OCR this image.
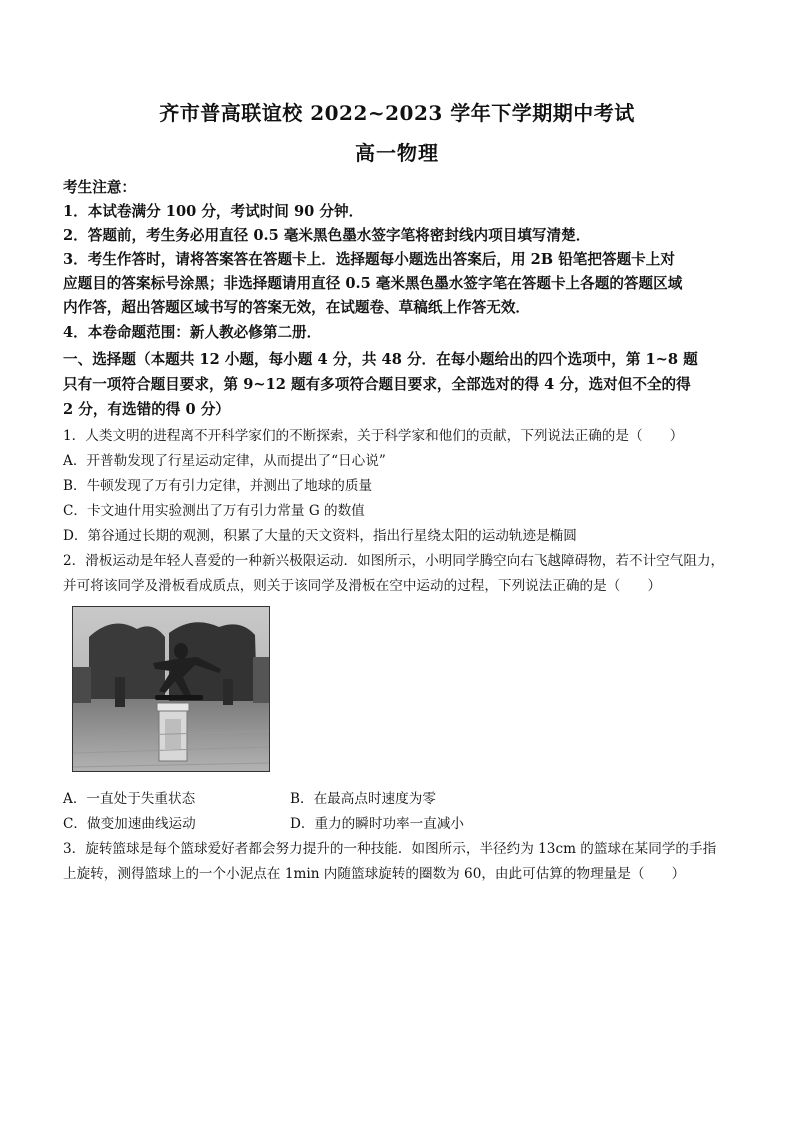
齐市普高联谊校 2022~2023 学年下学期期中考试
高一物理
考生注意：
1．本试卷满分 100 分，考试时间 90 分钟．
2．答题前，考生务必用直径 0.5 毫米黑色墨水签字笔将密封线内项目填写清楚．
3．考生作答时，请将答案答在答题卡上．选择题每小题选出答案后，用 2B 铅笔把答题卡上对
应题目的答案标号涂黑；非选择题请用直径 0.5 毫米黑色墨水签字笔在答题卡上各题的答题区域
内作答，超出答题区域书写的答案无效，在试题卷、草稿纸上作答无效．
4．本卷命题范围：新人教必修第二册．
一、选择题（本题共 12 小题，每小题 4 分，共 48 分．在每小题给出的四个选项中，第 1~8 题
只有一项符合题目要求，第 9~12 题有多项符合题目要求，全部选对的得 4 分，选对但不全的得
2 分，有选错的得 0 分）
1．人类文明的进程离不开科学家们的不断探索，关于科学家和他们的贡献，下列说法正确的是（　　）
A．开普勒发现了行星运动定律，从而提出了“日心说”
B．牛顿发现了万有引力定律，并测出了地球的质量
C．卡文迪什用实验测出了万有引力常量 G 的数值
D．第谷通过长期的观测，积累了大量的天文资料，指出行星绕太阳的运动轨迹是椭圆
2．滑板运动是年轻人喜爱的一种新兴极限运动．如图所示，小明同学腾空向右飞越障碍物，若不计空气阻力，
并可将该同学及滑板看成质点，则关于该同学及滑板在空中运动的过程，下列说法正确的是（　　）
A．一直处于失重状态	B．在最高点时速度为零
C．做变加速曲线运动	D．重力的瞬时功率一直减小
3．旋转篮球是每个篮球爱好者都会努力提升的一种技能．如图所示，半径约为 13cm 的篮球在某同学的手指
上旋转，测得篮球上的一个小泥点在 1min 内随篮球旋转的圈数为 60，由此可估算的物理量是（　　）
